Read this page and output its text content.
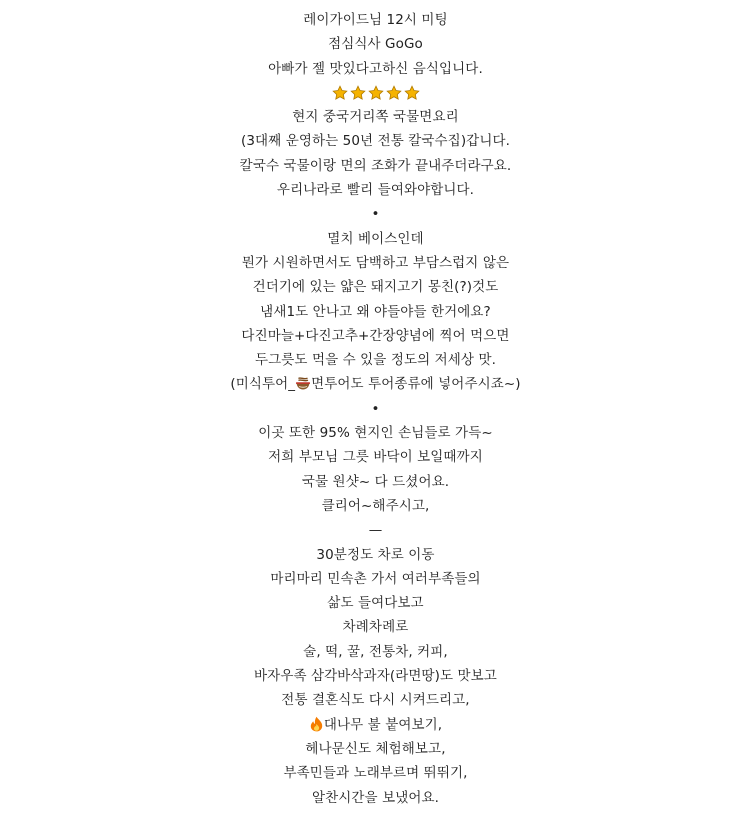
레이가이드님 12시 미팅
점심식사 GoGo
아빠가 젤 맛있다고하신 음식입니다.
현지 중국거리쪽 국물면요리
(3대째 운영하는 50년 전통 칼국수집)갑니다.
칼국수 국물이랑 면의 조화가 끝내주더라구요.
우리나라로 빨리 들여와야합니다.
•
멸치 베이스인데
뭔가 시원하면서도 담백하고 부담스럽지 않은
건더기에 있는 얇은 돼지고기 몽친(?)것도
냄새1도 안나고 왜 야들야들 한거에요?
다진마늘+다진고추+간장양념에 찍어 먹으면
두그릇도 먹을 수 있을 정도의 저세상 맛.
(미식투어_ 면투어도 투어종류에 넣어주시죠~)
•
이곳 또한 95% 현지인 손님들로 가득~
저희 부모님 그릇 바닥이 보일때까지
국물 원샷~ 다 드셨어요.
클리어~해주시고,
—
30분정도 차로 이동
마리마리 민속촌 가서 여러부족들의
삶도 들여다보고
차례차례로
술, 떡, 꿀, 전통차, 커피,
바자우족 삼각바삭과자(라면땅)도 맛보고
전통 결혼식도 다시 시켜드리고,
대나무 불 붙여보기,
헤나문신도 체험해보고,
부족민들과 노래부르며 뛰뛰기,
알찬시간을 보냈어요.
